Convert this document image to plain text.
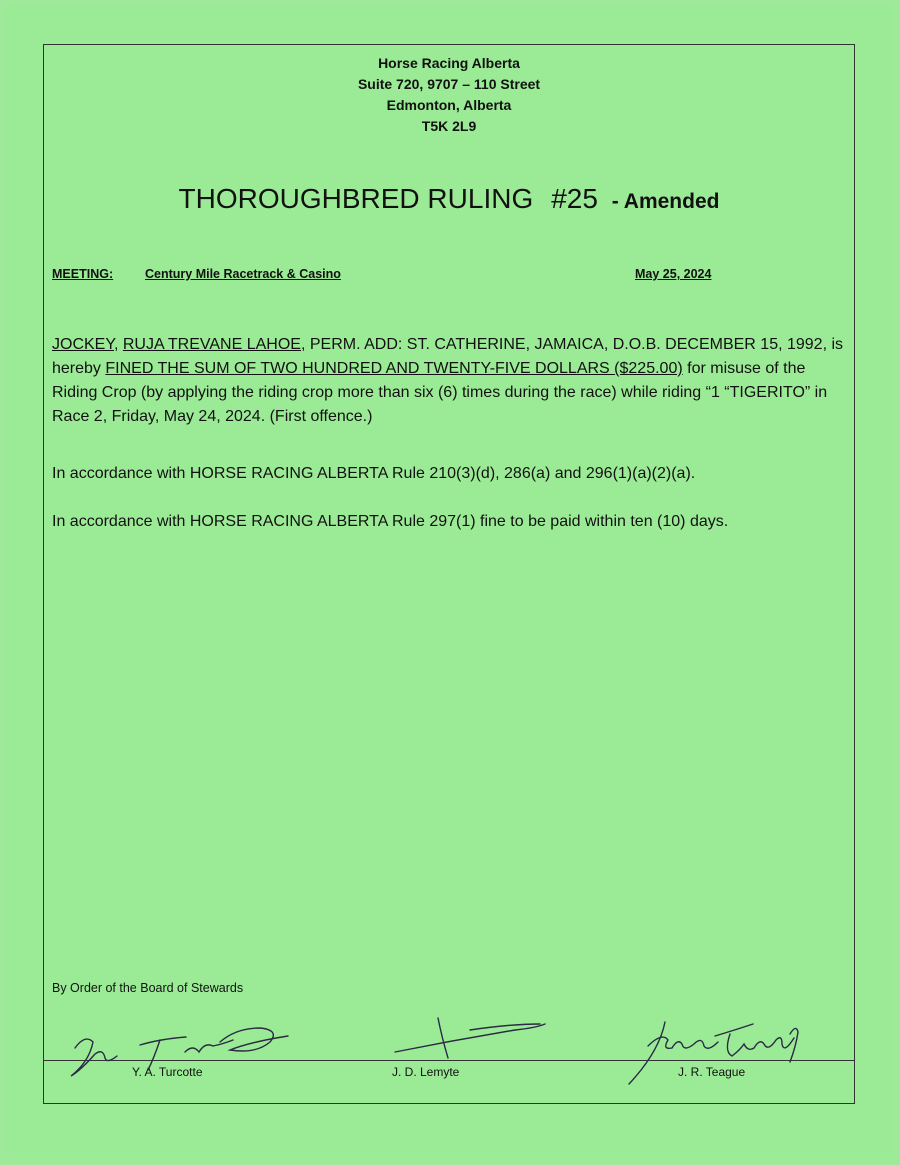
Horse Racing Alberta
Suite 720, 9707 – 110 Street
Edmonton, Alberta
T5K 2L9
THOROUGHBRED RULING #25 - Amended
MEETING:	Century Mile Racetrack & Casino	May 25, 2024
JOCKEY, RUJA TREVANE LAHOE, PERM. ADD: ST. CATHERINE, JAMAICA, D.O.B. DECEMBER 15, 1992, is hereby FINED THE SUM OF TWO HUNDRED AND TWENTY-FIVE DOLLARS ($225.00) for misuse of the Riding Crop (by applying the riding crop more than six (6) times during the race) while riding “1 “TIGERITO” in Race 2, Friday, May 24, 2024. (First offence.)
In accordance with HORSE RACING ALBERTA Rule 210(3)(d), 286(a) and 296(1)(a)(2)(a).
In accordance with HORSE RACING ALBERTA Rule 297(1) fine to be paid within ten (10) days.
By Order of the Board of Stewards
Y. A. Turcotte	J. D. Lemyte	J. R. Teague
